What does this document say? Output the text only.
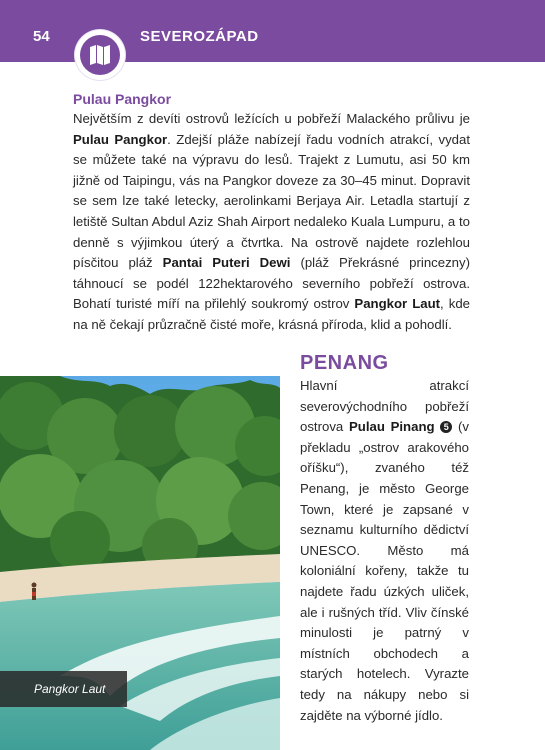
54	SEVEROZÁPAD
Pulau Pangkor

Největším z devíti ostrovů ležících u pobřeží Malackého průlivu je Pulau Pangkor. Zdejší pláže nabízejí řadu vodních atrakcí, vydat se můžete také na výpravu do lesů. Trajekt z Lumutu, asi 50 km jižně od Taipingu, vás na Pangkor doveze za 30–45 minut. Dopravit se sem lze také letecky, aerolinkami Berjaya Air. Letadla startují z letiště Sultan Abdul Aziz Shah Airport nedaleko Kuala Lumpuru, a to denně s výjimkou úterý a čtvrtka. Na ostrově najdete rozlehlou písčitou pláž Pantai Puteri Dewi (pláž Překrásné princezny) táhnoucí se podél 122hektarového severního pobřeží ostrova. Bohatí turisté míří na přilehlý soukromý ostrov Pangkor Laut, kde na ně čekají průzračně čisté moře, krásná příroda, klid a pohodlí.

Pangkor Laut
PENANG

Hlavní atrakcí severovýchodního pobřeží ostrova Pulau Pinang 5 (v překladu „ostrov arakového oříšku“), zvaného též Penang, je město George Town, které je zapsané v seznamu kulturního dědictví UNESCO. Město má koloniální kořeny, takže tu najdete řadu úzkých uliček, ale i rušných tříd. Vliv čínské minulosti je patrný v místních obchodech a starých hotelech. Vyrazte tedy na nákupy nebo si zajděte na výborné jídlo.
